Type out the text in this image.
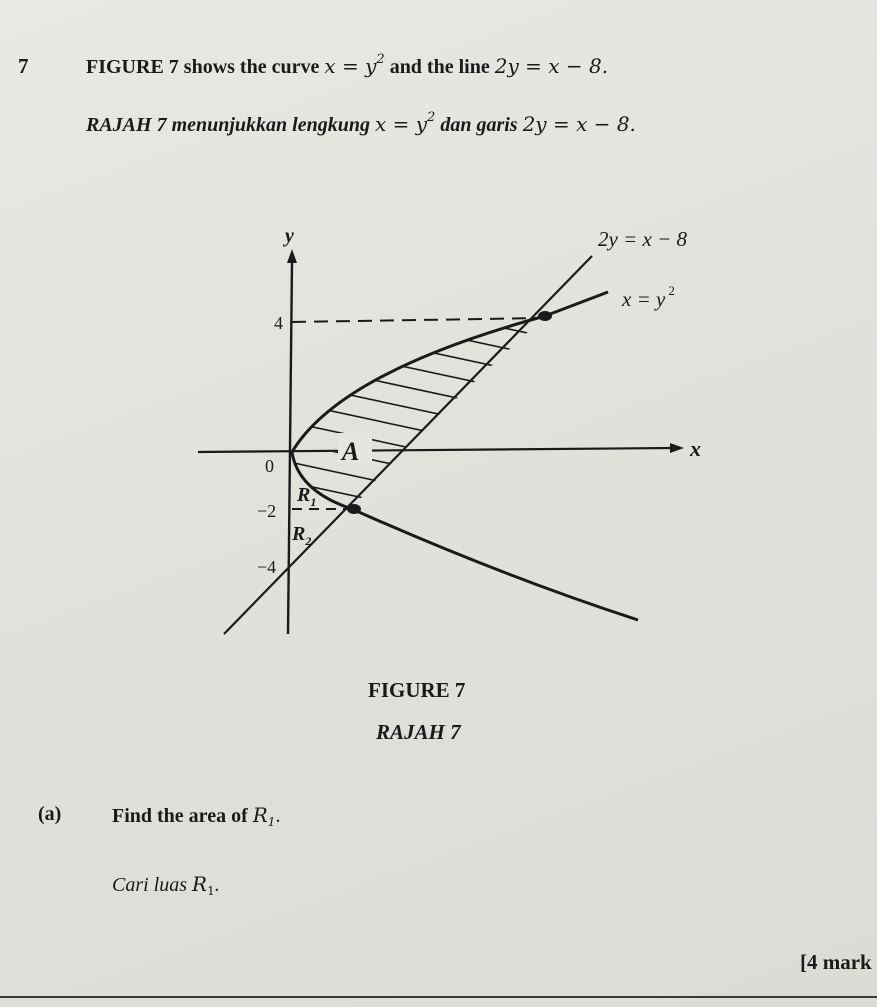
7	FIGURE 7 shows the curve $x = y^2$ and the line 2y = x − 8.
RAJAH 7 menunjukkan lengkung $x = y^2$ dan garis 2y = x − 8.
y
x
0
4
−2
−4
2y = x − 8
x = y $^2$
A
$R_1$
$R_2$
FIGURE 7
RAJAH 7
(a)	Find the area of $R_1$.
Cari luas $R_1$.
[4 mark
